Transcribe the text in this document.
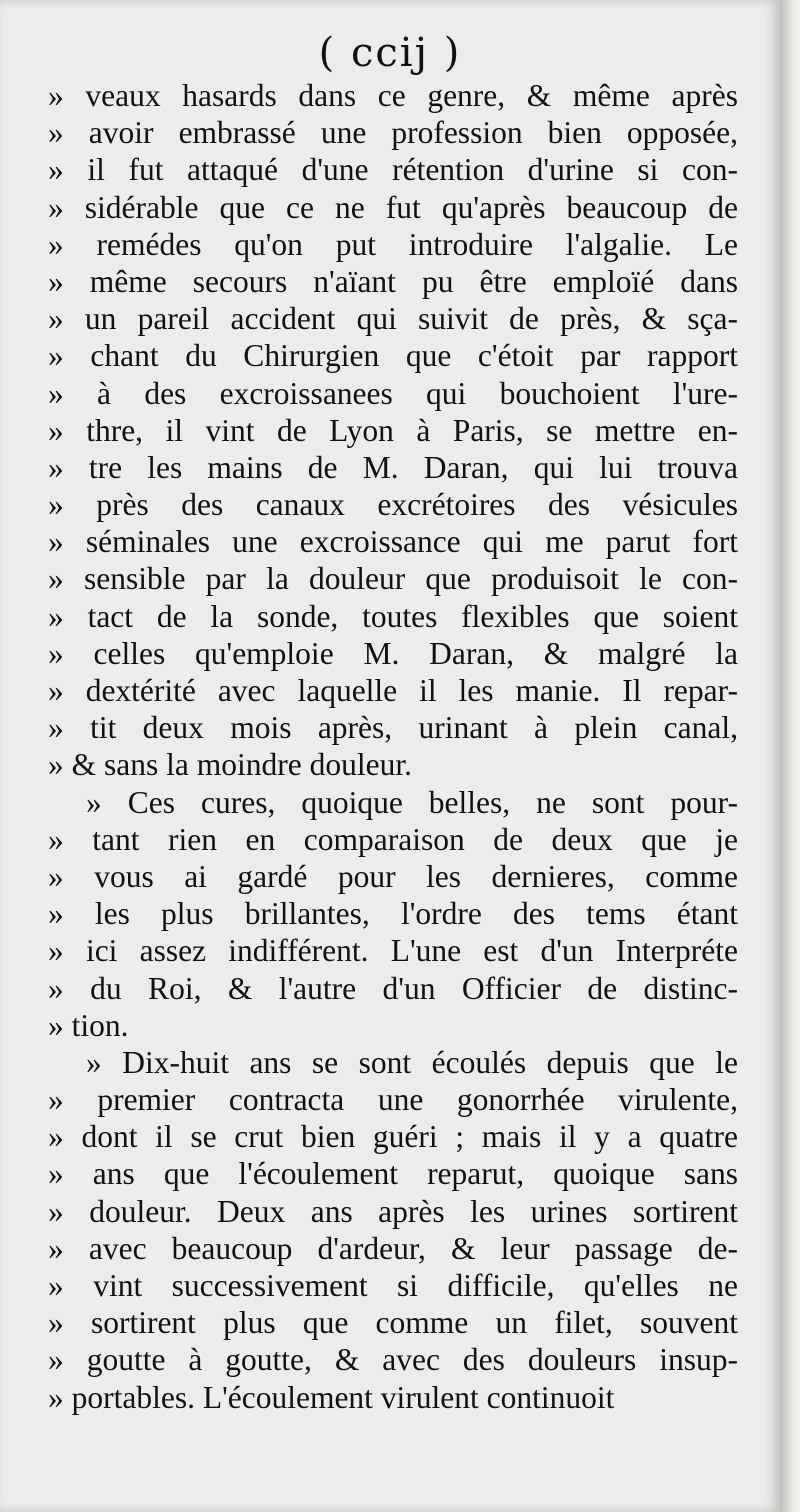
( ccij )
» veaux hasards dans ce genre, & même après
» avoir embrassé une profession bien opposée,
» il fut attaqué d'une rétention d'urine si con-
» sidérable que ce ne fut qu'après beaucoup de
» remédes qu'on put introduire l'algalie. Le
» même secours n'aïant pu être emploïé dans
» un pareil accident qui suivit de près, & sça-
» chant du Chirurgien que c'étoit par rapport
» à des excroissanees qui bouchoient l'ure-
» thre, il vint de Lyon à Paris, se mettre en-
» tre les mains de M. Daran, qui lui trouva
» près des canaux excrétoires des vésicules
» séminales une excroissance qui me parut fort
» sensible par la douleur que produisoit le con-
» tact de la sonde, toutes flexibles que soient
» celles qu'emploie M. Daran, & malgré la
» dextérité avec laquelle il les manie. Il repar-
» tit deux mois après, urinant à plein canal,
» & sans la moindre douleur.
» Ces cures, quoique belles, ne sont pour-
» tant rien en comparaison de deux que je
» vous ai gardé pour les dernieres, comme
» les plus brillantes, l'ordre des tems étant
» ici assez indifférent. L'une est d'un Interpréte
» du Roi, & l'autre d'un Officier de distinc-
» tion.
» Dix-huit ans se sont écoulés depuis que le
» premier contracta une gonorrhée virulente,
» dont il se crut bien guéri ; mais il y a quatre
» ans que l'écoulement reparut, quoique sans
» douleur. Deux ans après les urines sortirent
» avec beaucoup d'ardeur, & leur passage de-
» vint successivement si difficile, qu'elles ne
» sortirent plus que comme un filet, souvent
» goutte à goutte, & avec des douleurs insup-
» portables. L'écoulement virulent continuoit
